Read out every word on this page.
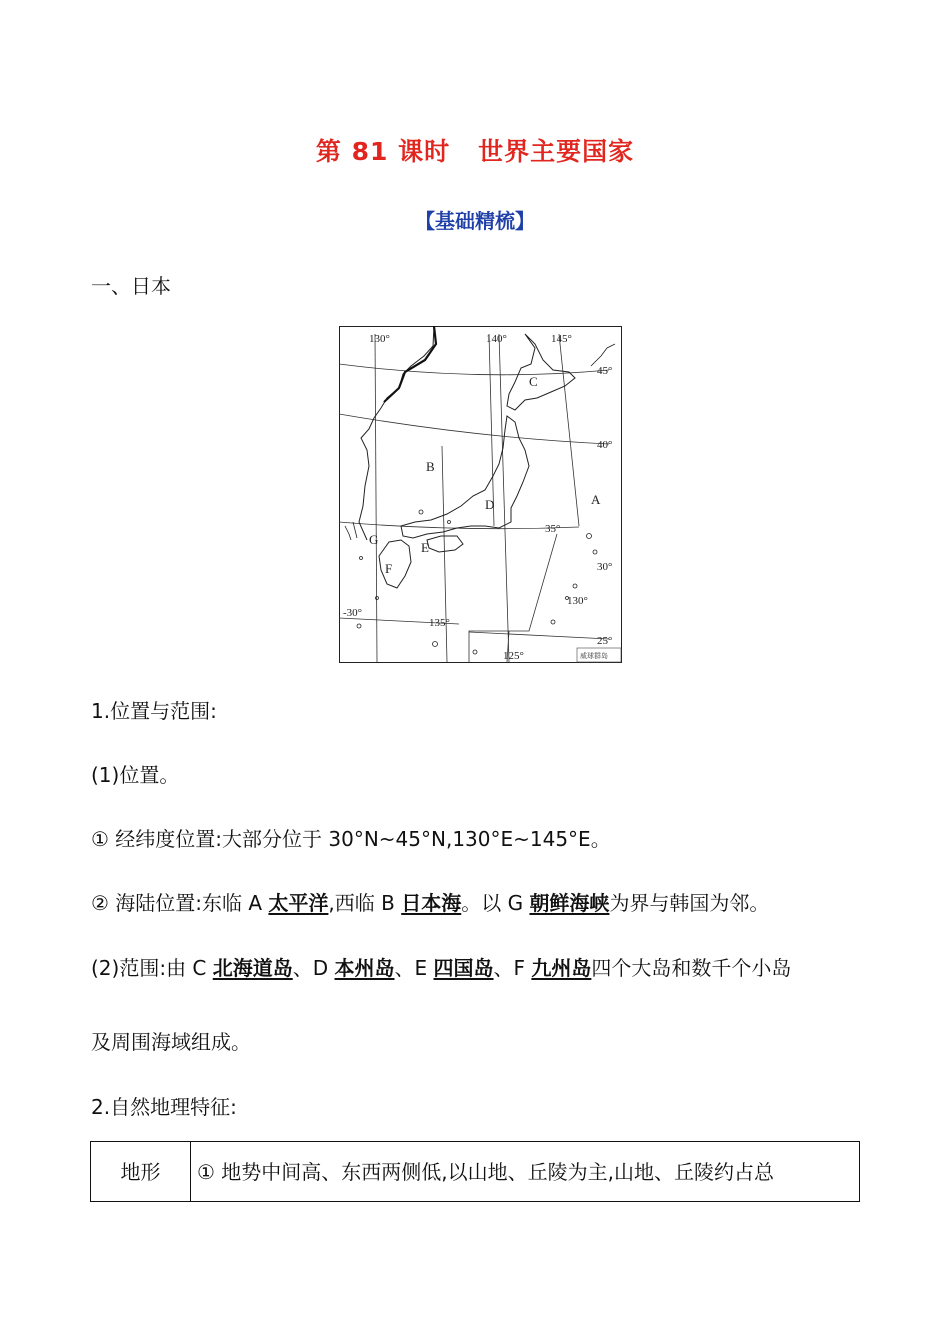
第 81 课时 世界主要国家
【基础精梳】
一、日本
130°	140°	145°
135°
125°
130°
45°
40°
35°
30°
25°
-30°
A
B
C
D
E
F
G
威球群岛
1.位置与范围:
(1)位置。
① 经纬度位置:大部分位于 30°N~45°N,130°E~145°E。
② 海陆位置:东临 A 太平洋,西临 B 日本海。以 G 朝鲜海峡为界与韩国为邻。
(2)范围:由 C 北海道岛、D 本州岛、E 四国岛、F 九州岛四个大岛和数千个小岛
及周围海域组成。
2.自然地理特征:
地形	① 地势中间高、东西两侧低,以山地、丘陵为主,山地、丘陵约占总
